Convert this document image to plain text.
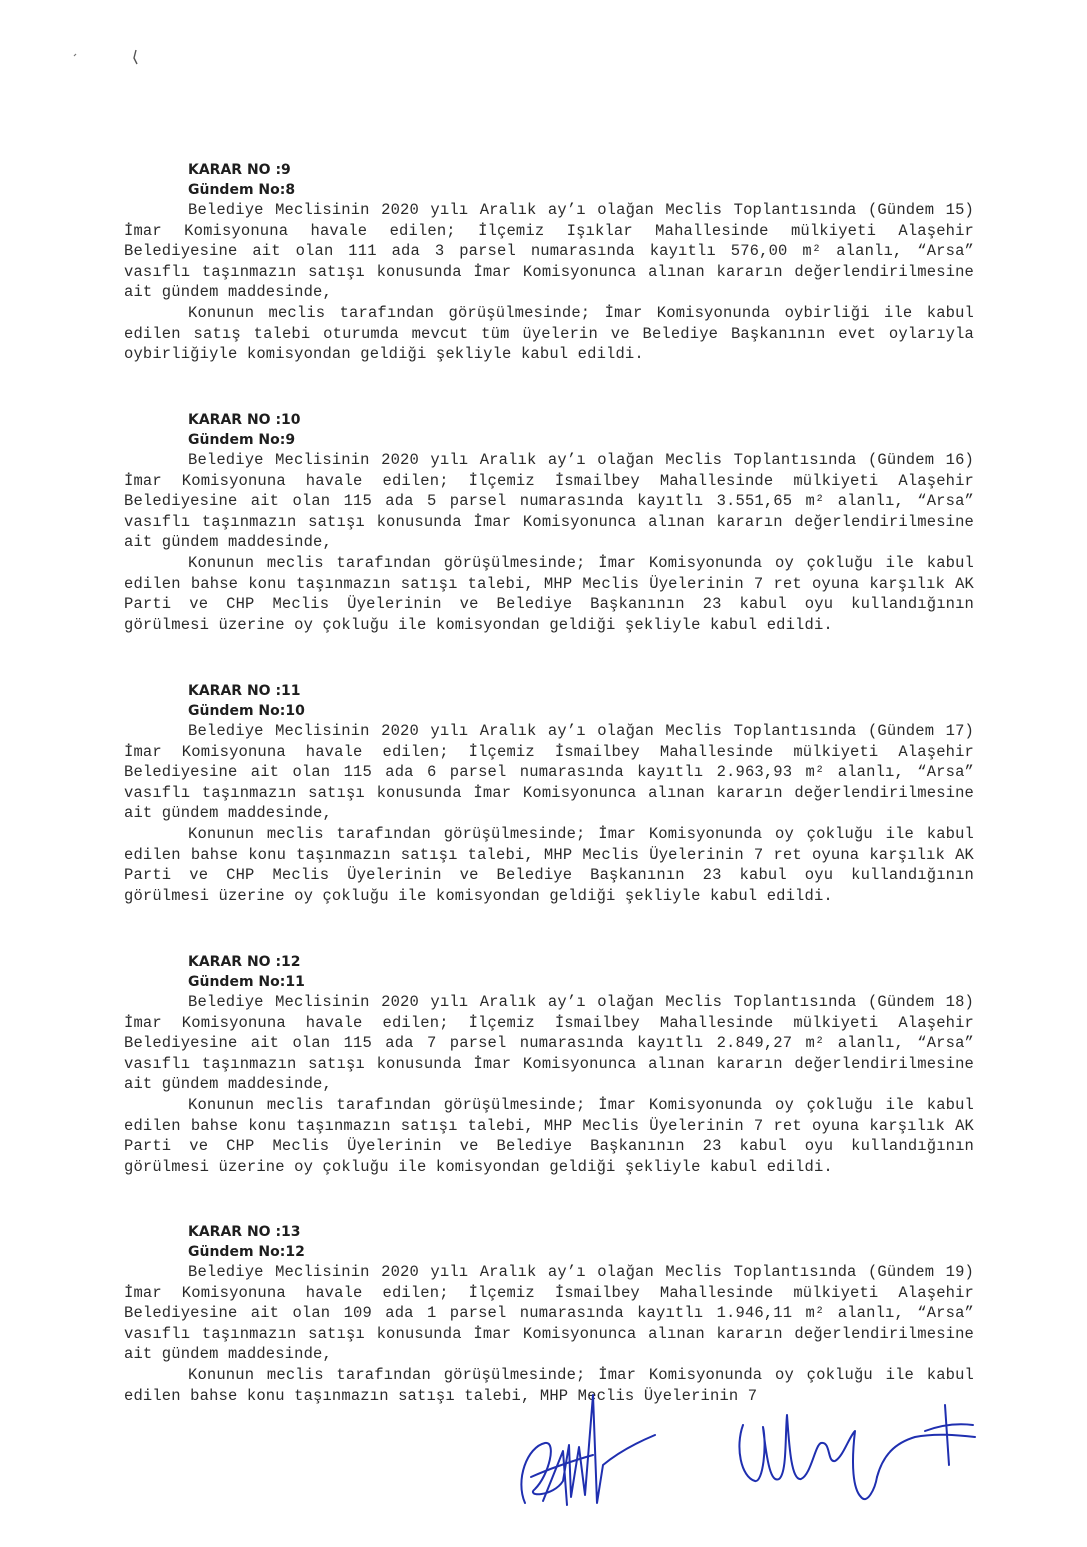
KARAR NO :9
Gündem No:8

Belediye Meclisinin 2020 yılı Aralık ay’ı olağan Meclis Toplantısında (Gündem 15) İmar Komisyonuna havale edilen; İlçemiz Işıklar Mahallesinde mülkiyeti Alaşehir Belediyesine ait olan 111 ada 3 parsel numarasında kayıtlı 576,00 m² alanlı, “Arsa” vasıflı taşınmazın satışı konusunda İmar Komisyonunca alınan kararın değerlendirilmesine ait gündem maddesinde,

Konunun meclis tarafından görüşülmesinde; İmar Komisyonunda oybirliği ile kabul edilen satış talebi oturumda mevcut tüm üyelerin ve Belediye Başkanının evet oylarıyla oybirliğiyle komisyondan geldiği şekliyle kabul edildi.

KARAR NO :10
Gündem No:9

Belediye Meclisinin 2020 yılı Aralık ay’ı olağan Meclis Toplantısında (Gündem 16) İmar Komisyonuna havale edilen; İlçemiz İsmailbey Mahallesinde mülkiyeti Alaşehir Belediyesine ait olan 115 ada 5 parsel numarasında kayıtlı 3.551,65 m² alanlı, “Arsa” vasıflı taşınmazın satışı konusunda İmar Komisyonunca alınan kararın değerlendirilmesine ait gündem maddesinde,

Konunun meclis tarafından görüşülmesinde; İmar Komisyonunda oy çokluğu ile kabul edilen bahse konu taşınmazın satışı talebi, MHP Meclis Üyelerinin 7 ret oyuna karşılık AK Parti ve CHP Meclis Üyelerinin ve Belediye Başkanının 23 kabul oyu kullandığının görülmesi üzerine oy çokluğu ile komisyondan geldiği şekliyle kabul edildi.

KARAR NO :11
Gündem No:10

Belediye Meclisinin 2020 yılı Aralık ay’ı olağan Meclis Toplantısında (Gündem 17) İmar Komisyonuna havale edilen; İlçemiz İsmailbey Mahallesinde mülkiyeti Alaşehir Belediyesine ait olan 115 ada 6 parsel numarasında kayıtlı 2.963,93 m² alanlı, “Arsa” vasıflı taşınmazın satışı konusunda İmar Komisyonunca alınan kararın değerlendirilmesine ait gündem maddesinde,

Konunun meclis tarafından görüşülmesinde; İmar Komisyonunda oy çokluğu ile kabul edilen bahse konu taşınmazın satışı talebi, MHP Meclis Üyelerinin 7 ret oyuna karşılık AK Parti ve CHP Meclis Üyelerinin ve Belediye Başkanının 23 kabul oyu kullandığının görülmesi üzerine oy çokluğu ile komisyondan geldiği şekliyle kabul edildi.

KARAR NO :12
Gündem No:11

Belediye Meclisinin 2020 yılı Aralık ay’ı olağan Meclis Toplantısında (Gündem 18) İmar Komisyonuna havale edilen; İlçemiz İsmailbey Mahallesinde mülkiyeti Alaşehir Belediyesine ait olan 115 ada 7 parsel numarasında kayıtlı 2.849,27 m² alanlı, “Arsa” vasıflı taşınmazın satışı konusunda İmar Komisyonunca alınan kararın değerlendirilmesine ait gündem maddesinde,

Konunun meclis tarafından görüşülmesinde; İmar Komisyonunda oy çokluğu ile kabul edilen bahse konu taşınmazın satışı talebi, MHP Meclis Üyelerinin 7 ret oyuna karşılık AK Parti ve CHP Meclis Üyelerinin ve Belediye Başkanının 23 kabul oyu kullandığının görülmesi üzerine oy çokluğu ile komisyondan geldiği şekliyle kabul edildi.

KARAR NO :13
Gündem No:12

Belediye Meclisinin 2020 yılı Aralık ay’ı olağan Meclis Toplantısında (Gündem 19) İmar Komisyonuna havale edilen; İlçemiz İsmailbey Mahallesinde mülkiyeti Alaşehir Belediyesine ait olan 109 ada 1 parsel numarasında kayıtlı 1.946,11 m² alanlı, “Arsa” vasıflı taşınmazın satışı konusunda İmar Komisyonunca alınan kararın değerlendirilmesine ait gündem maddesinde,

Konunun meclis tarafından görüşülmesinde; İmar Komisyonunda oy çokluğu ile kabul edilen bahse konu taşınmazın satışı talebi, MHP Meclis Üyelerinin 7
